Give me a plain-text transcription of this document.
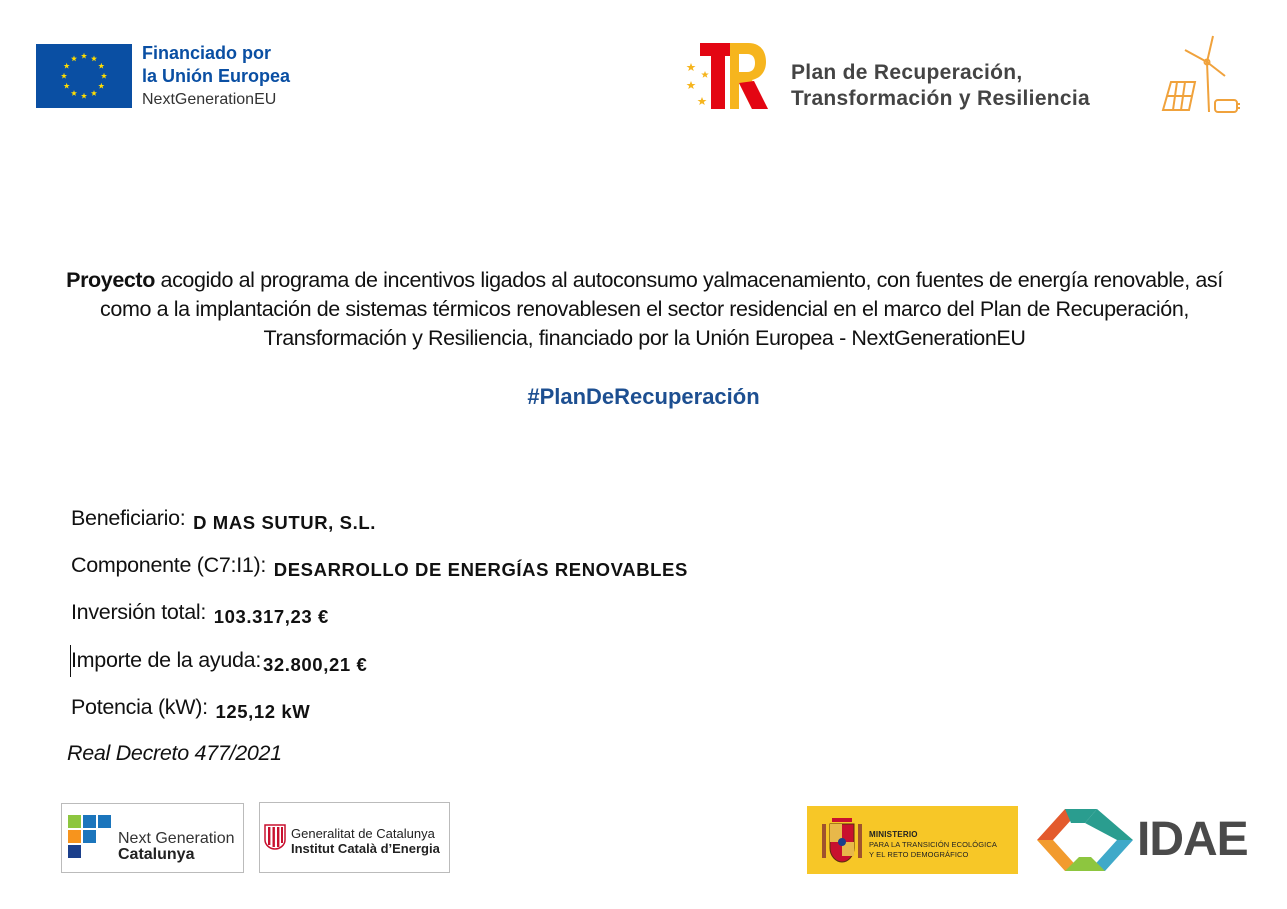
Financiado por
la Unión Europea
NextGenerationEU
Plan de Recuperación,
Transformación y Resiliencia
Proyecto acogido al programa de incentivos ligados al autoconsumo yalmacenamiento, con fuentes de energía renovable, así como a la implantación de sistemas térmicos renovablesen el sector residencial en el marco del Plan de Recuperación, Transformación y Resiliencia, financiado por la Unión Europea - NextGenerationEU
#PlanDeRecuperación
Beneficiario: D MAS SUTUR, S.L.
Componente (C7:I1): DESARROLLO DE ENERGÍAS RENOVABLES
Inversión total: 103.317,23 €
Importe de la ayuda: 32.800,21 €
Potencia (kW): 125,12 kW
Real Decreto 477/2021
Next Generation
Catalunya
Generalitat de Catalunya
Institut Català d’Energia
MINISTERIO
PARA LA TRANSICIÓN ECOLÓGICA
Y EL RETO DEMOGRÁFICO	IDAE
